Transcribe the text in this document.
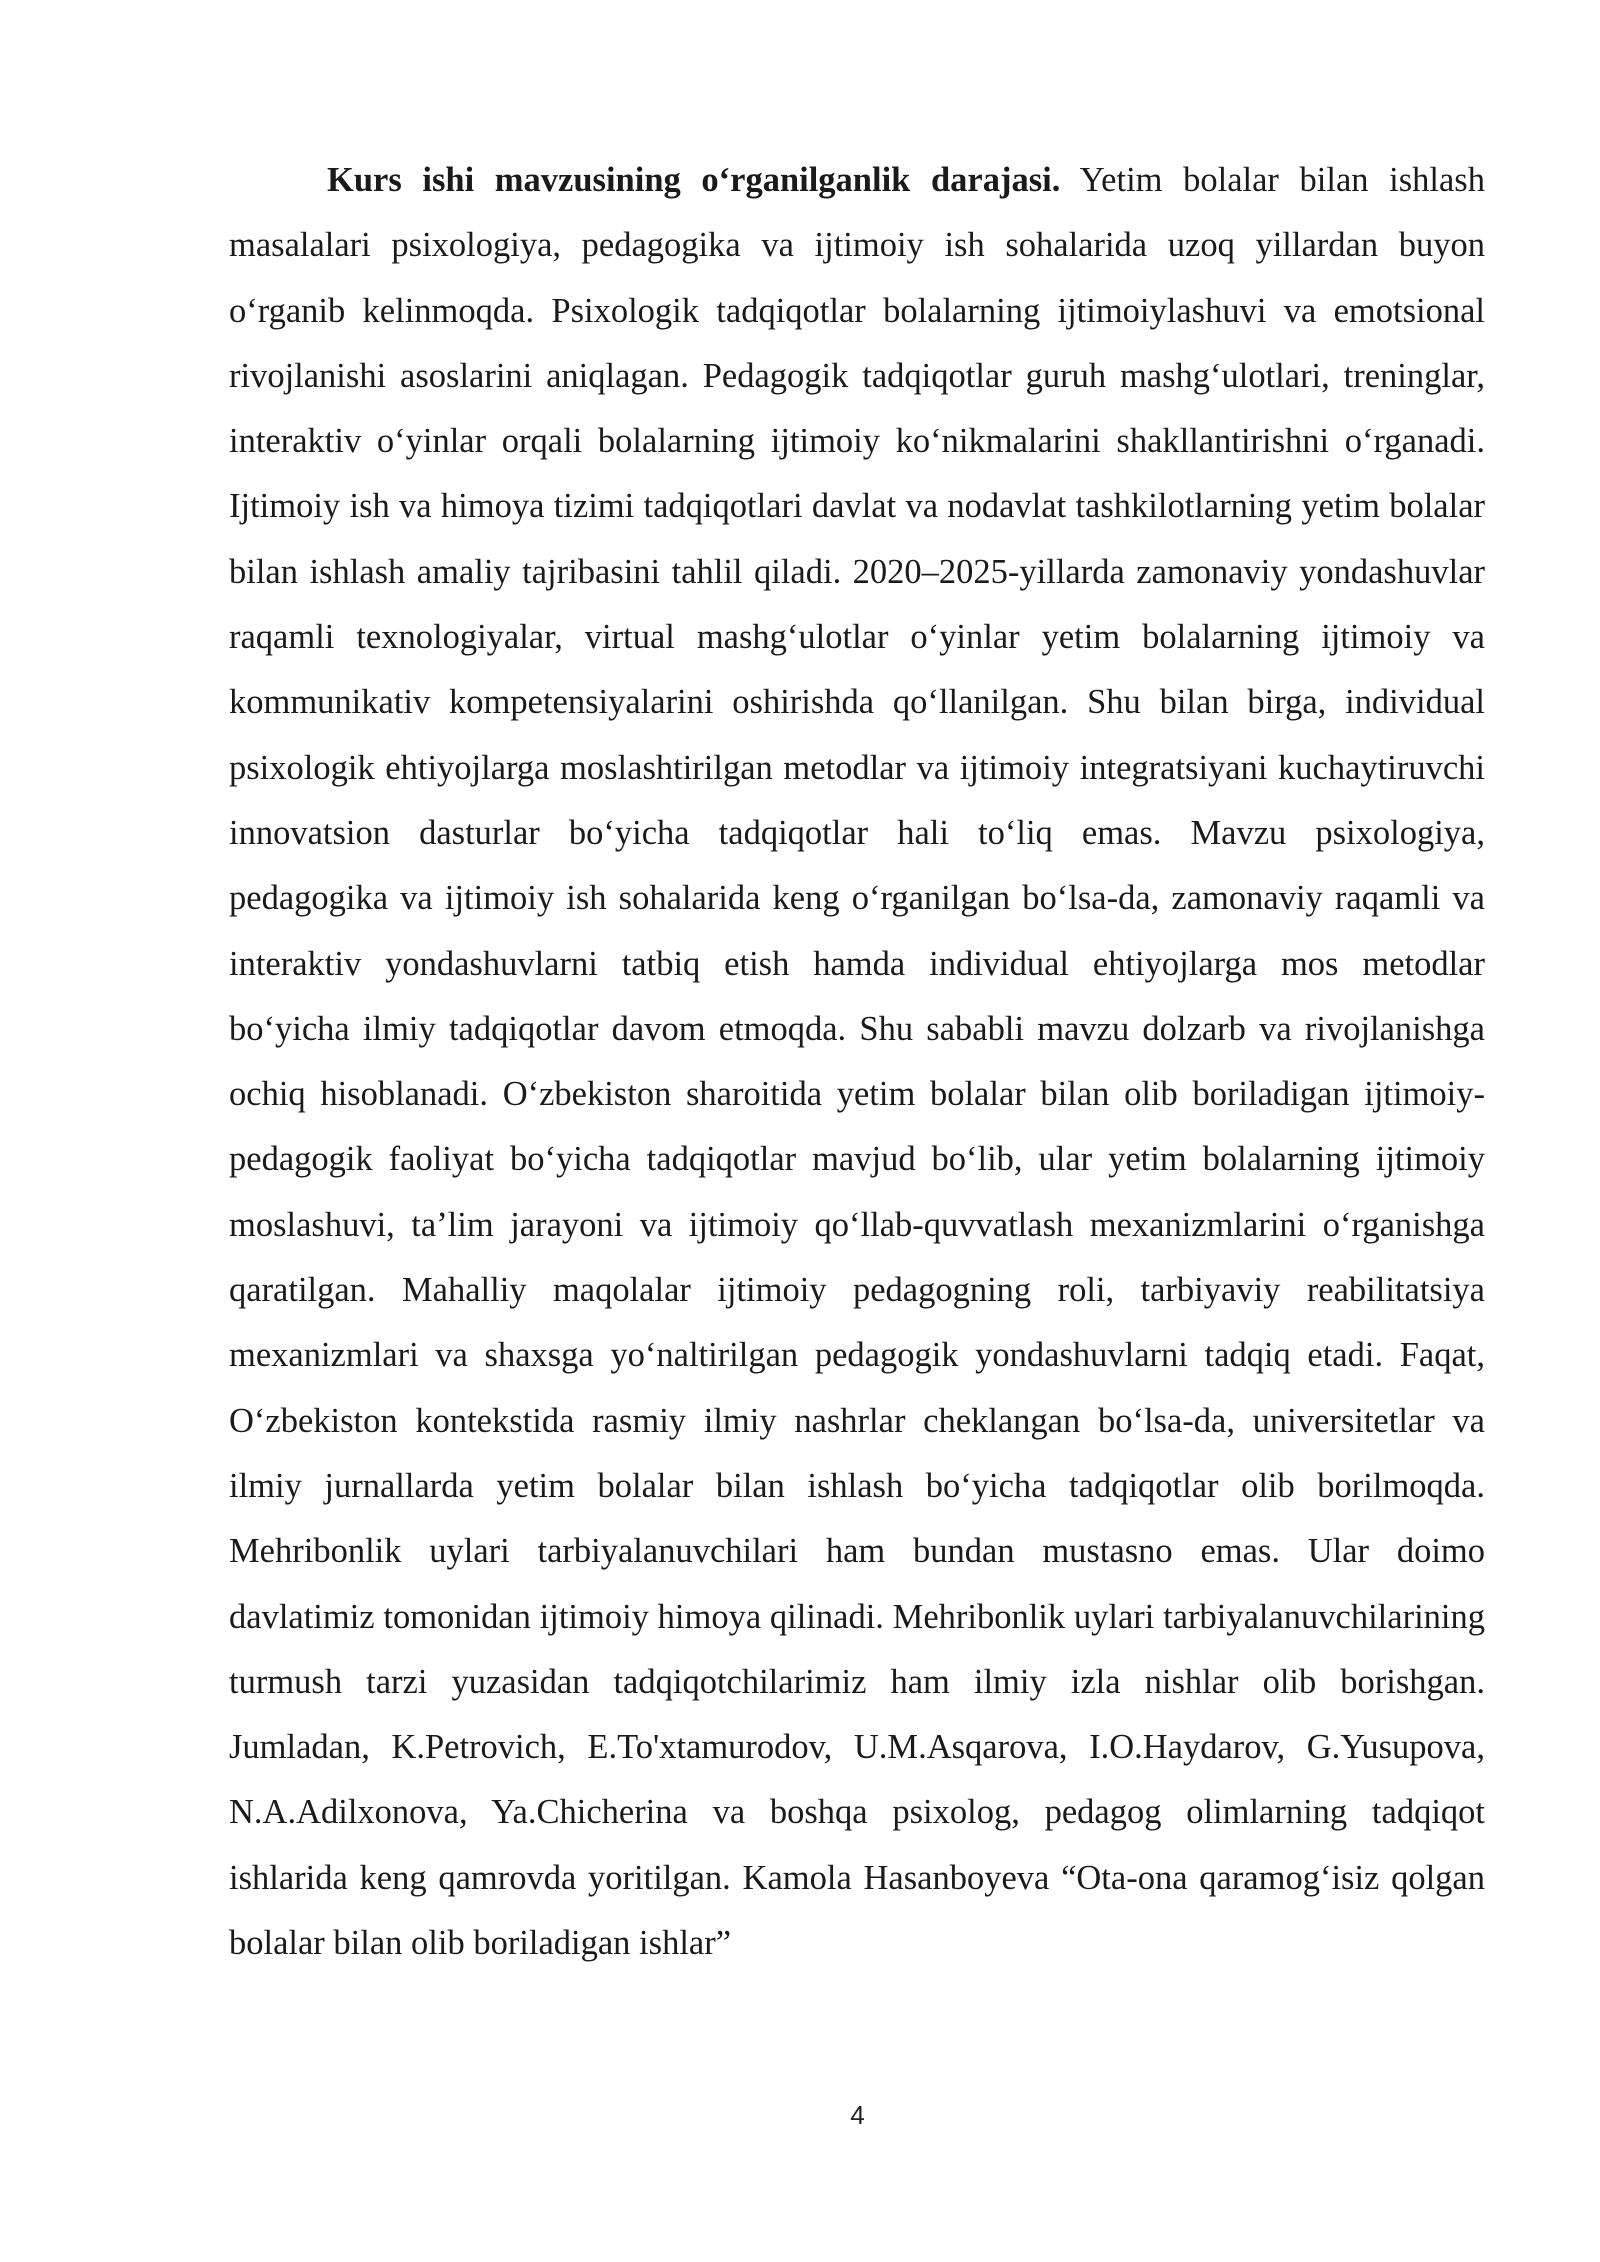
Kurs ishi mavzusining oʻrganilganlik darajasi. Yetim bolalar bilan ishlash masalalari psixologiya, pedagogika va ijtimoiy ish sohalarida uzoq yillardan buyon oʻrganib kelinmoqda. Psixologik tadqiqotlar bolalarning ijtimoiylashuvi va emotsional rivojlanishi asoslarini aniqlagan. Pedagogik tadqiqotlar guruh mashgʻulotlari, treninglar, interaktiv oʻyinlar orqali bolalarning ijtimoiy koʻnikmalarini shakllantirishni oʻrganadi. Ijtimoiy ish va himoya tizimi tadqiqotlari davlat va nodavlat tashkilotlarning yetim bolalar bilan ishlash amaliy tajribasini tahlil qiladi. 2020–2025-yillarda zamonaviy yondashuvlar raqamli texnologiyalar, virtual mashgʻulotlar oʻyinlar yetim bolalarning ijtimoiy va kommunikativ kompetensiyalarini oshirishda qoʻllanilgan. Shu bilan birga, individual psixologik ehtiyojlarga moslashtirilgan metodlar va ijtimoiy integratsiyani kuchaytiruvchi innovatsion dasturlar boʻyicha tadqiqotlar hali toʻliq emas. Mavzu psixologiya, pedagogika va ijtimoiy ish sohalarida keng oʻrganilgan boʻlsa-da, zamonaviy raqamli va interaktiv yondashuvlarni tatbiq etish hamda individual ehtiyojlarga mos metodlar boʻyicha ilmiy tadqiqotlar davom etmoqda. Shu sababli mavzu dolzarb va rivojlanishga ochiq hisoblanadi. Oʻzbekiston sharoitida yetim bolalar bilan olib boriladigan ijtimoiy-pedagogik faoliyat boʻyicha tadqiqotlar mavjud boʻlib, ular yetim bolalarning ijtimoiy moslashuvi, taʼlim jarayoni va ijtimoiy qoʻllab-quvvatlash mexanizmlarini oʻrganishga qaratilgan. Mahalliy maqolalar ijtimoiy pedagogning roli, tarbiyaviy reabilitatsiya mexanizmlari va shaxsga yoʻnaltirilgan pedagogik yondashuvlarni tadqiq etadi. Faqat, Oʻzbekiston kontekstida rasmiy ilmiy nashrlar cheklangan boʻlsa-da, universitetlar va ilmiy jurnallarda yetim bolalar bilan ishlash boʻyicha tadqiqotlar olib borilmoqda. Mehribonlik uylari tarbiyalanuvchilari ham bundan mustasno emas. Ular doimo davlatimiz tomonidan ijtimoiy himoya qilinadi. Mehribonlik uylari tarbiyalanuvchilarining turmush tarzi yuzasidan tadqiqotchilarimiz ham ilmiy izla nishlar olib borishgan. Jumladan, K.Petrovich, E.To'xtamurodov, U.M.Asqarova, I.O.Haydarov, G.Yusupova, N.A.Adilxonova, Ya.Chicherina va boshqa psixolog, pedagog olimlarning tadqiqot ishlarida keng qamrovda yoritilgan. Kamola Hasanboyeva “Ota-ona qaramogʻisiz qolgan bolalar bilan olib boriladigan ishlar”

4
